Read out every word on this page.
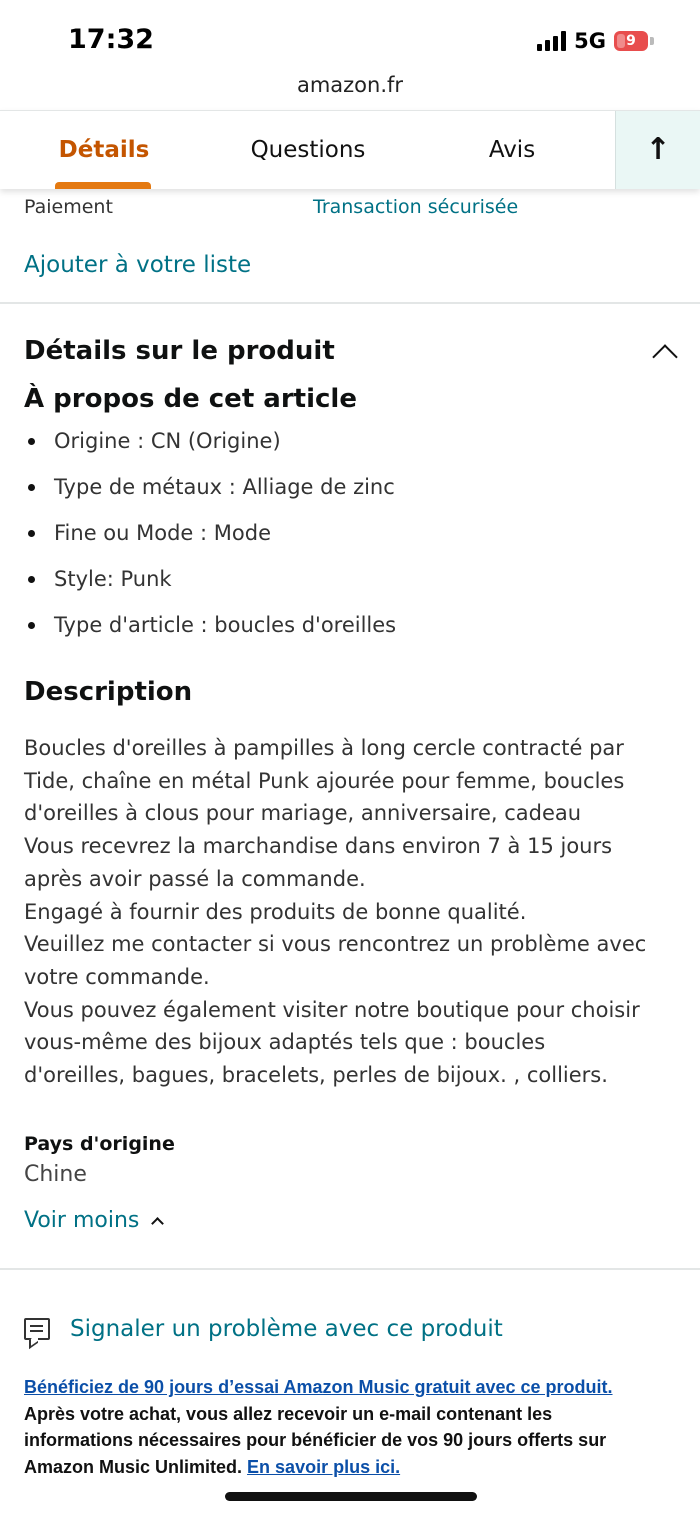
17:32	5G	9
amazon.fr
Détails	Questions	Avis	↑
Paiement	Transaction sécurisée
Ajouter à votre liste
Détails sur le produit
À propos de cet article
Origine : CN (Origine)
Type de métaux : Alliage de zinc
Fine ou Mode : Mode
Style: Punk
Type d'article : boucles d'oreilles
Description
Boucles d'oreilles à pampilles à long cercle contracté par
Tide, chaîne en métal Punk ajourée pour femme, boucles
d'oreilles à clous pour mariage, anniversaire, cadeau
Vous recevrez la marchandise dans environ 7 à 15 jours
après avoir passé la commande.
Engagé à fournir des produits de bonne qualité.
Veuillez me contacter si vous rencontrez un problème avec
votre commande.
Vous pouvez également visiter notre boutique pour choisir
vous-même des bijoux adaptés tels que : boucles
d'oreilles, bagues, bracelets, perles de bijoux. , colliers.
Pays d'origine
Chine
Voir moins
Signaler un problème avec ce produit
Bénéficiez de 90 jours d’essai Amazon Music gratuit avec ce produit.
Après votre achat, vous allez recevoir un e-mail contenant les
informations nécessaires pour bénéficier de vos 90 jours offerts sur
Amazon Music Unlimited. En savoir plus ici.
